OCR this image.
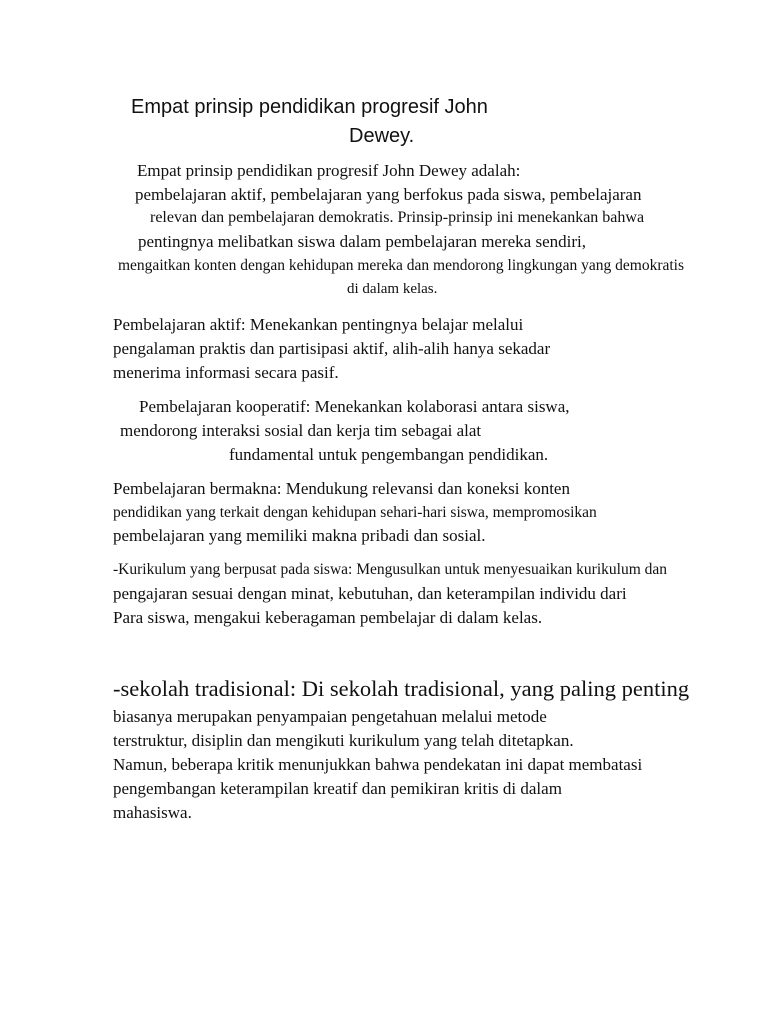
Empat prinsip pendidikan progresif John
Dewey.
Empat prinsip pendidikan progresif John Dewey adalah:
pembelajaran aktif, pembelajaran yang berfokus pada siswa, pembelajaran
relevan dan pembelajaran demokratis. Prinsip-prinsip ini menekankan bahwa
pentingnya melibatkan siswa dalam pembelajaran mereka sendiri,
mengaitkan konten dengan kehidupan mereka dan mendorong lingkungan yang demokratis
di dalam kelas.
Pembelajaran aktif: Menekankan pentingnya belajar melalui
pengalaman praktis dan partisipasi aktif, alih-alih hanya sekadar
menerima informasi secara pasif.
Pembelajaran kooperatif: Menekankan kolaborasi antara siswa,
mendorong interaksi sosial dan kerja tim sebagai alat
fundamental untuk pengembangan pendidikan.
Pembelajaran bermakna: Mendukung relevansi dan koneksi konten
pendidikan yang terkait dengan kehidupan sehari-hari siswa, mempromosikan
pembelajaran yang memiliki makna pribadi dan sosial.
-Kurikulum yang berpusat pada siswa: Mengusulkan untuk menyesuaikan kurikulum dan
pengajaran sesuai dengan minat, kebutuhan, dan keterampilan individu dari
Para siswa, mengakui keberagaman pembelajar di dalam kelas.
-sekolah tradisional: Di sekolah tradisional, yang paling penting
biasanya merupakan penyampaian pengetahuan melalui metode
terstruktur, disiplin dan mengikuti kurikulum yang telah ditetapkan.
Namun, beberapa kritik menunjukkan bahwa pendekatan ini dapat membatasi
pengembangan keterampilan kreatif dan pemikiran kritis di dalam
mahasiswa.
